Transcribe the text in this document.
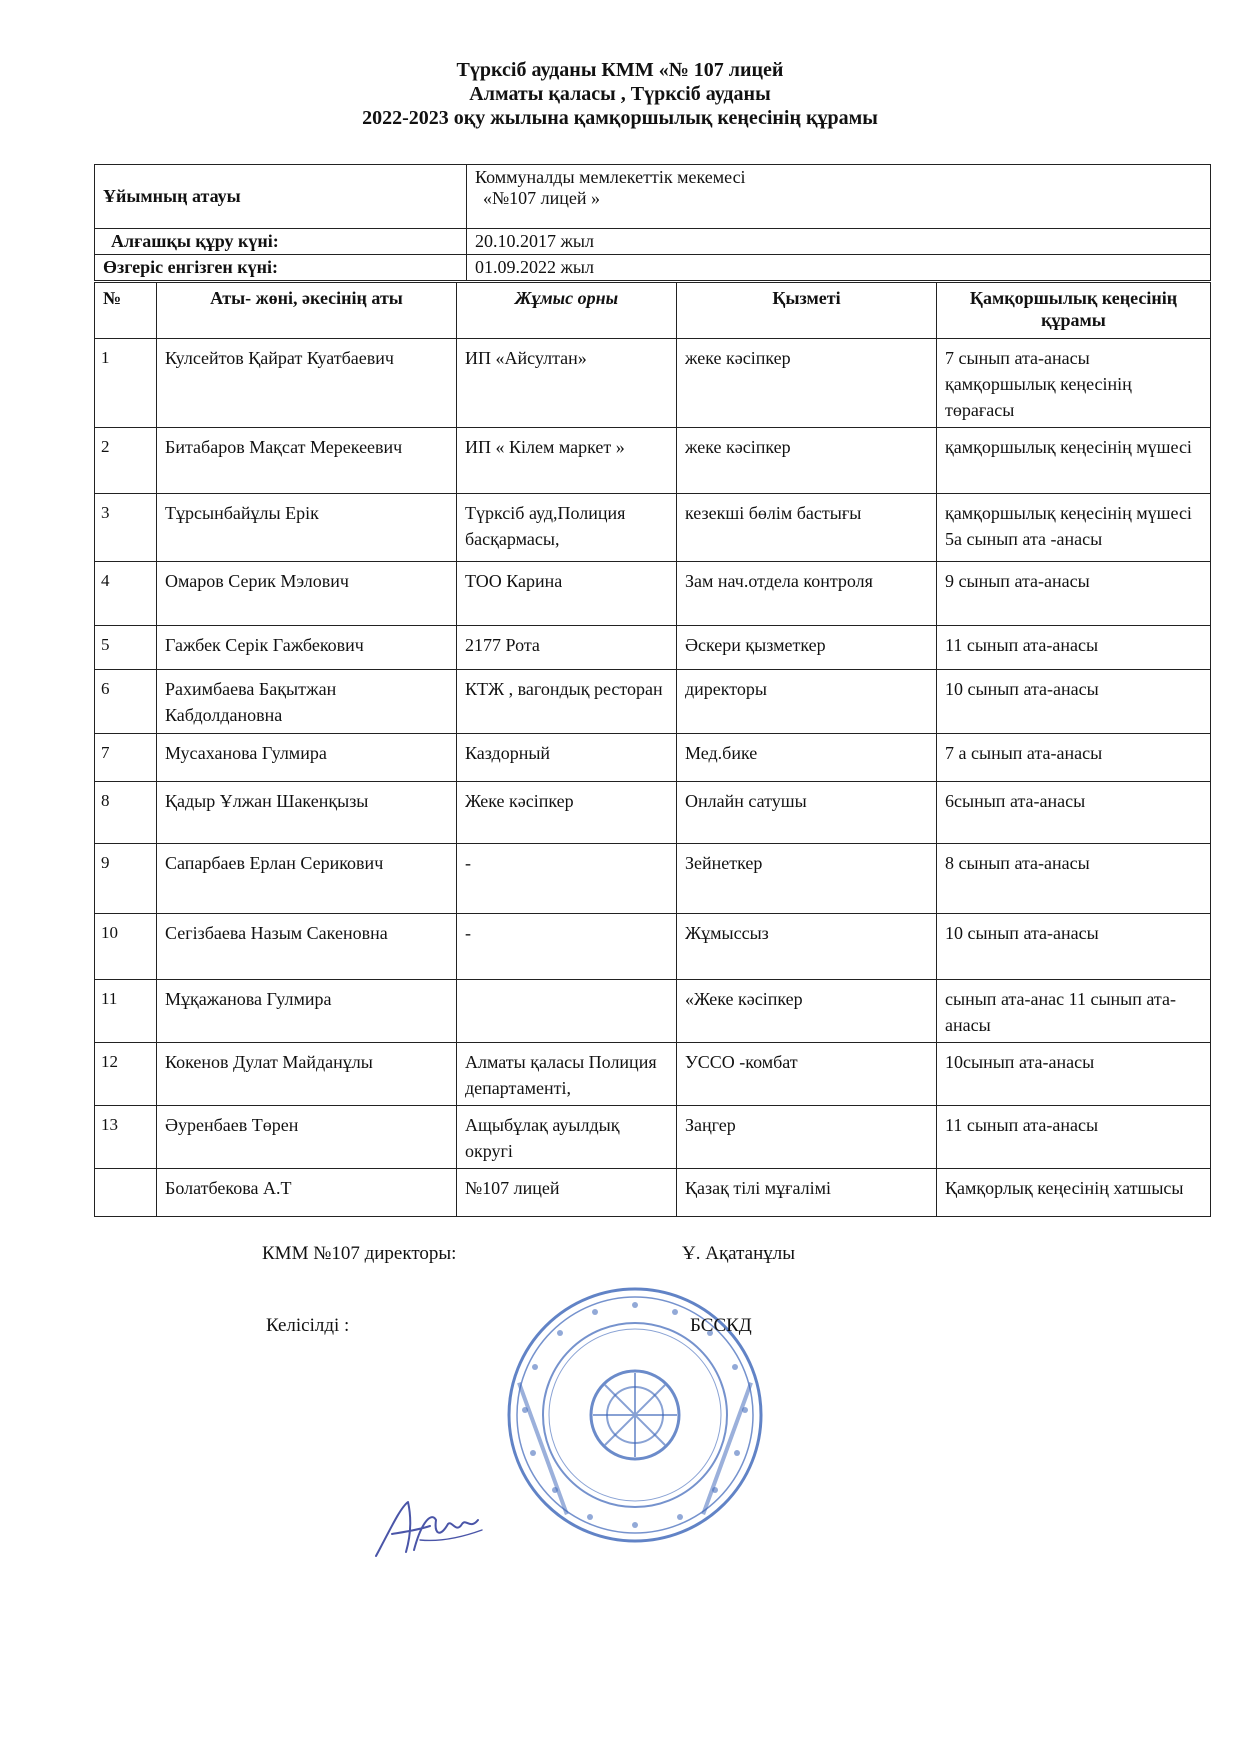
Түрксіб ауданы КММ «№ 107 лицей
Алматы қаласы , Түрксіб ауданы
2022-2023 оқу жылына қамқоршылық кеңесінің құрамы
Ұйымның атауы	Коммуналды мемлекеттік мекемесі
«№107 лицей »

Алғашқы құру күні:	20.10.2017 жыл
Өзгеріс енгізген күні:	01.09.2022 жыл
№	Аты- жөні, әкесінің аты	Жұмыс орны	Қызметі	Қамқоршылық кеңесінің құрамы
1	Кулсейтов Қайрат Куатбаевич	ИП «Айсултан»	жеке кәсіпкер	7 сынып ата-анасы қамқоршылық кеңесінің төрағасы
2	Битабаров Мақсат Мерекеевич	ИП « Кілем маркет »	жеке кәсіпкер	қамқоршылық кеңесінің мүшесі
3	Тұрсынбайұлы Ерік	Түрксіб ауд,Полиция басқармасы,	кезекші бөлім бастығы	қамқоршылық кеңесінің мүшесі 5а сынып ата -анасы
4	Омаров Серик Мэлович	ТОО Карина	Зам нач.отдела контроля	9 сынып ата-анасы
5	Гажбек Серік Гажбекович	2177 Рота	Әскери қызметкер	11 сынып ата-анасы
6	Рахимбаева Бақытжан Кабдолдановна	КТЖ , вагондық ресторан	директоры	10 сынып ата-анасы
7	Мусаханова Гулмира	Каздорный	Мед.бике	7 а сынып ата-анасы
8	Қадыр Ұлжан Шакенқызы	Жеке кәсіпкер	Онлайн сатушы	6сынып ата-анасы
9	Сапарбаев Ерлан Серикович	-	Зейнеткер	8 сынып ата-анасы
10	Сегізбаева Назым Сакеновна	-	Жұмыссыз	10 сынып ата-анасы
11	Мұқажанова Гулмира		«Жеке кәсіпкер	сынып ата-анас 11 сынып ата-анасы
12	Кокенов Дулат Майданұлы	Алматы қаласы Полиция департаменті,	УССО -комбат	10сынып ата-анасы
13	Әуренбаев Төрен	Ащыбұлақ ауылдық округі	Заңгер	11 сынып ата-анасы
	Болатбекова А.Т	№107 лицей	Қазақ тілі мұғалімі	Қамқорлық кеңесінің хатшысы
КММ №107 директоры:	Ұ. Ақатанұлы
Келісілді :	БССКД
